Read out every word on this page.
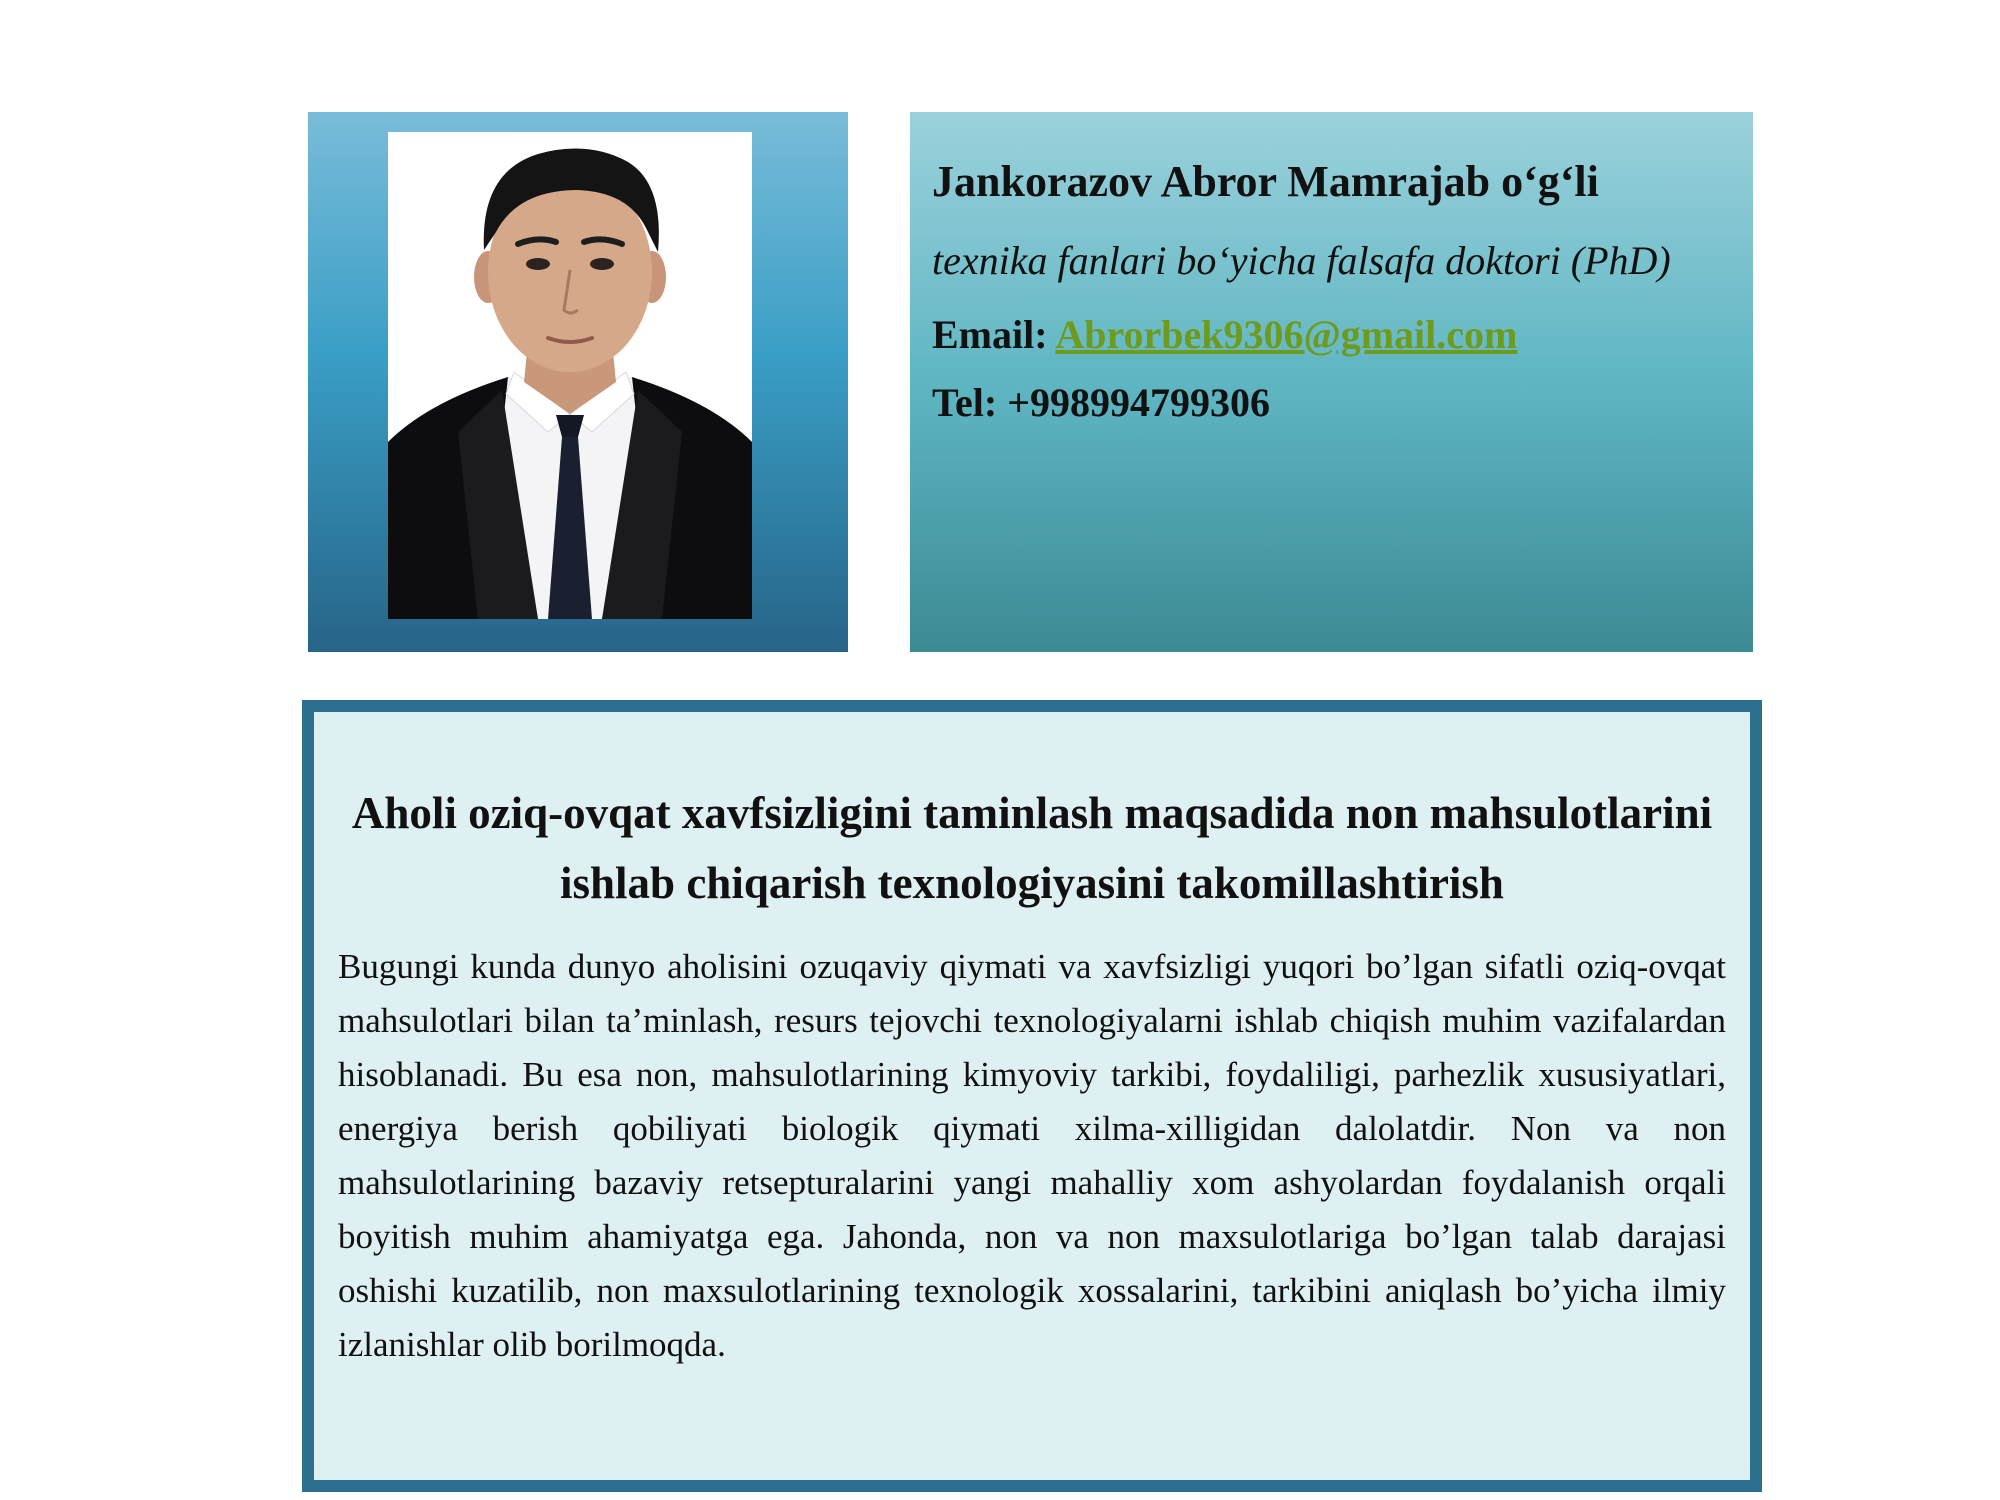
Jankorazov Abror Mamrajab o‘g‘li

texnika fanlari bo‘yicha falsafa doktori (PhD)

Email: Abrorbek9306@gmail.com

Tel: +998994799306

Aholi oziq-ovqat xavfsizligini taminlash maqsadida non mahsulotlarini ishlab chiqarish texnologiyasini takomillashtirish

Bugungi kunda dunyo aholisini ozuqaviy qiymati va xavfsizligi yuqori bo’lgan sifatli oziq-ovqat mahsulotlari bilan ta’minlash, resurs tejovchi texnologiyalarni ishlab chiqish muhim vazifalardan hisoblanadi. Bu esa non, mahsulotlarining kimyoviy tarkibi, foydaliligi, parhezlik xususiyatlari, energiya berish qobiliyati biologik qiymati xilma-xilligidan dalolatdir. Non va non mahsulotlarining bazaviy retsepturalarini yangi mahalliy xom ashyolardan foydalanish orqali boyitish muhim ahamiyatga ega. Jahonda, non va non maxsulotlariga bo’lgan talab darajasi oshishi kuzatilib, non maxsulotlarining texnologik xossalarini, tarkibini aniqlash bo’yicha ilmiy izlanishlar olib borilmoqda.
